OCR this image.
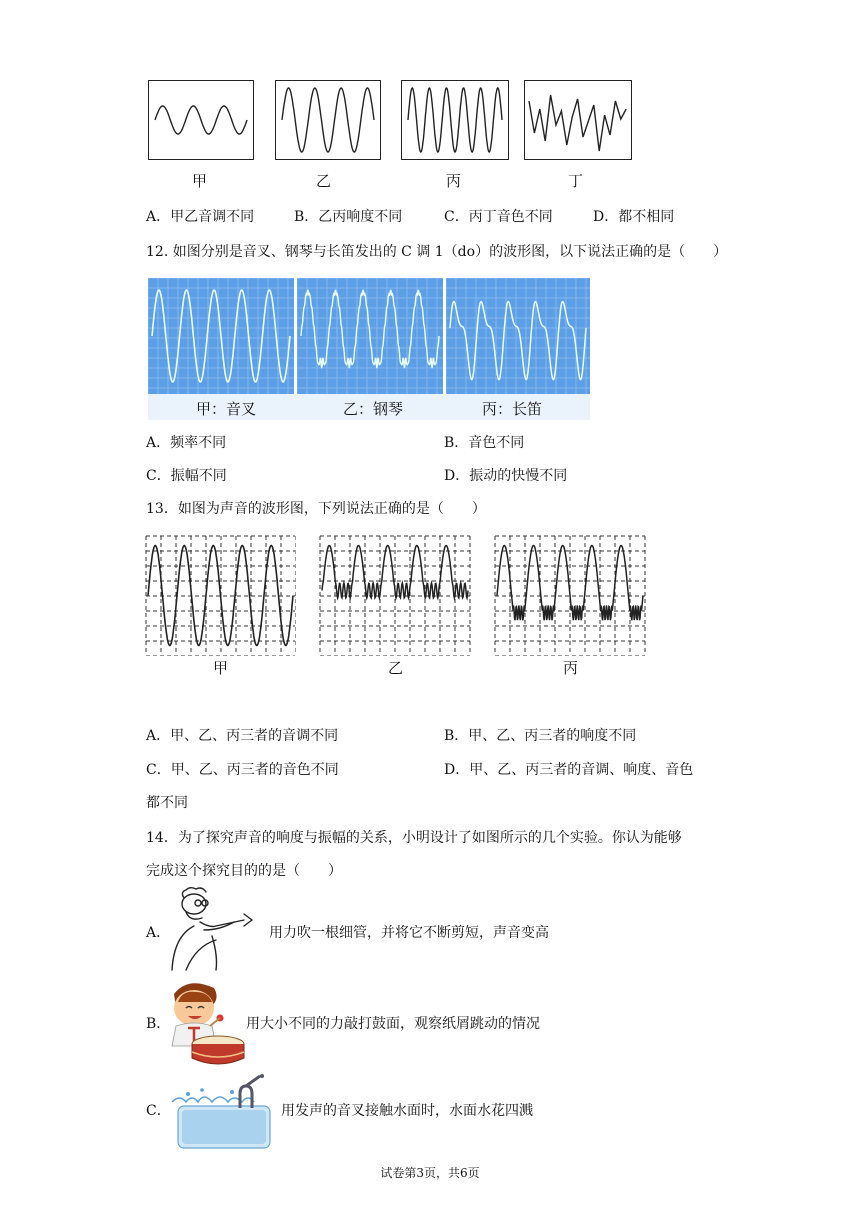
甲	乙	丙	丁
A．甲乙音调不同	B．乙丙响度不同	C．丙丁音色不同	D．都不相同
12. 如图分别是音叉、钢琴与长笛发出的 C 调 1（do）的波形图，以下说法正确的是（　　）
甲：音叉	乙：钢琴	丙：长笛
A．频率不同	B．音色不同
C．振幅不同	D．振动的快慢不同
13．如图为声音的波形图，下列说法正确的是（　　）
甲	乙	丙
A．甲、乙、丙三者的音调不同	B．甲、乙、丙三者的响度不同
C．甲、乙、丙三者的音色不同	D．甲、乙、丙三者的音调、响度、音色
都不同
14．为了探究声音的响度与振幅的关系，小明设计了如图所示的几个实验。你认为能够
完成这个探究目的的是（　　）
A．	用力吹一根细管，并将它不断剪短，声音变高
B．	用大小不同的力敲打鼓面，观察纸屑跳动的情况
C．	用发声的音叉接触水面时，水面水花四溅
试卷第3页，共6页
